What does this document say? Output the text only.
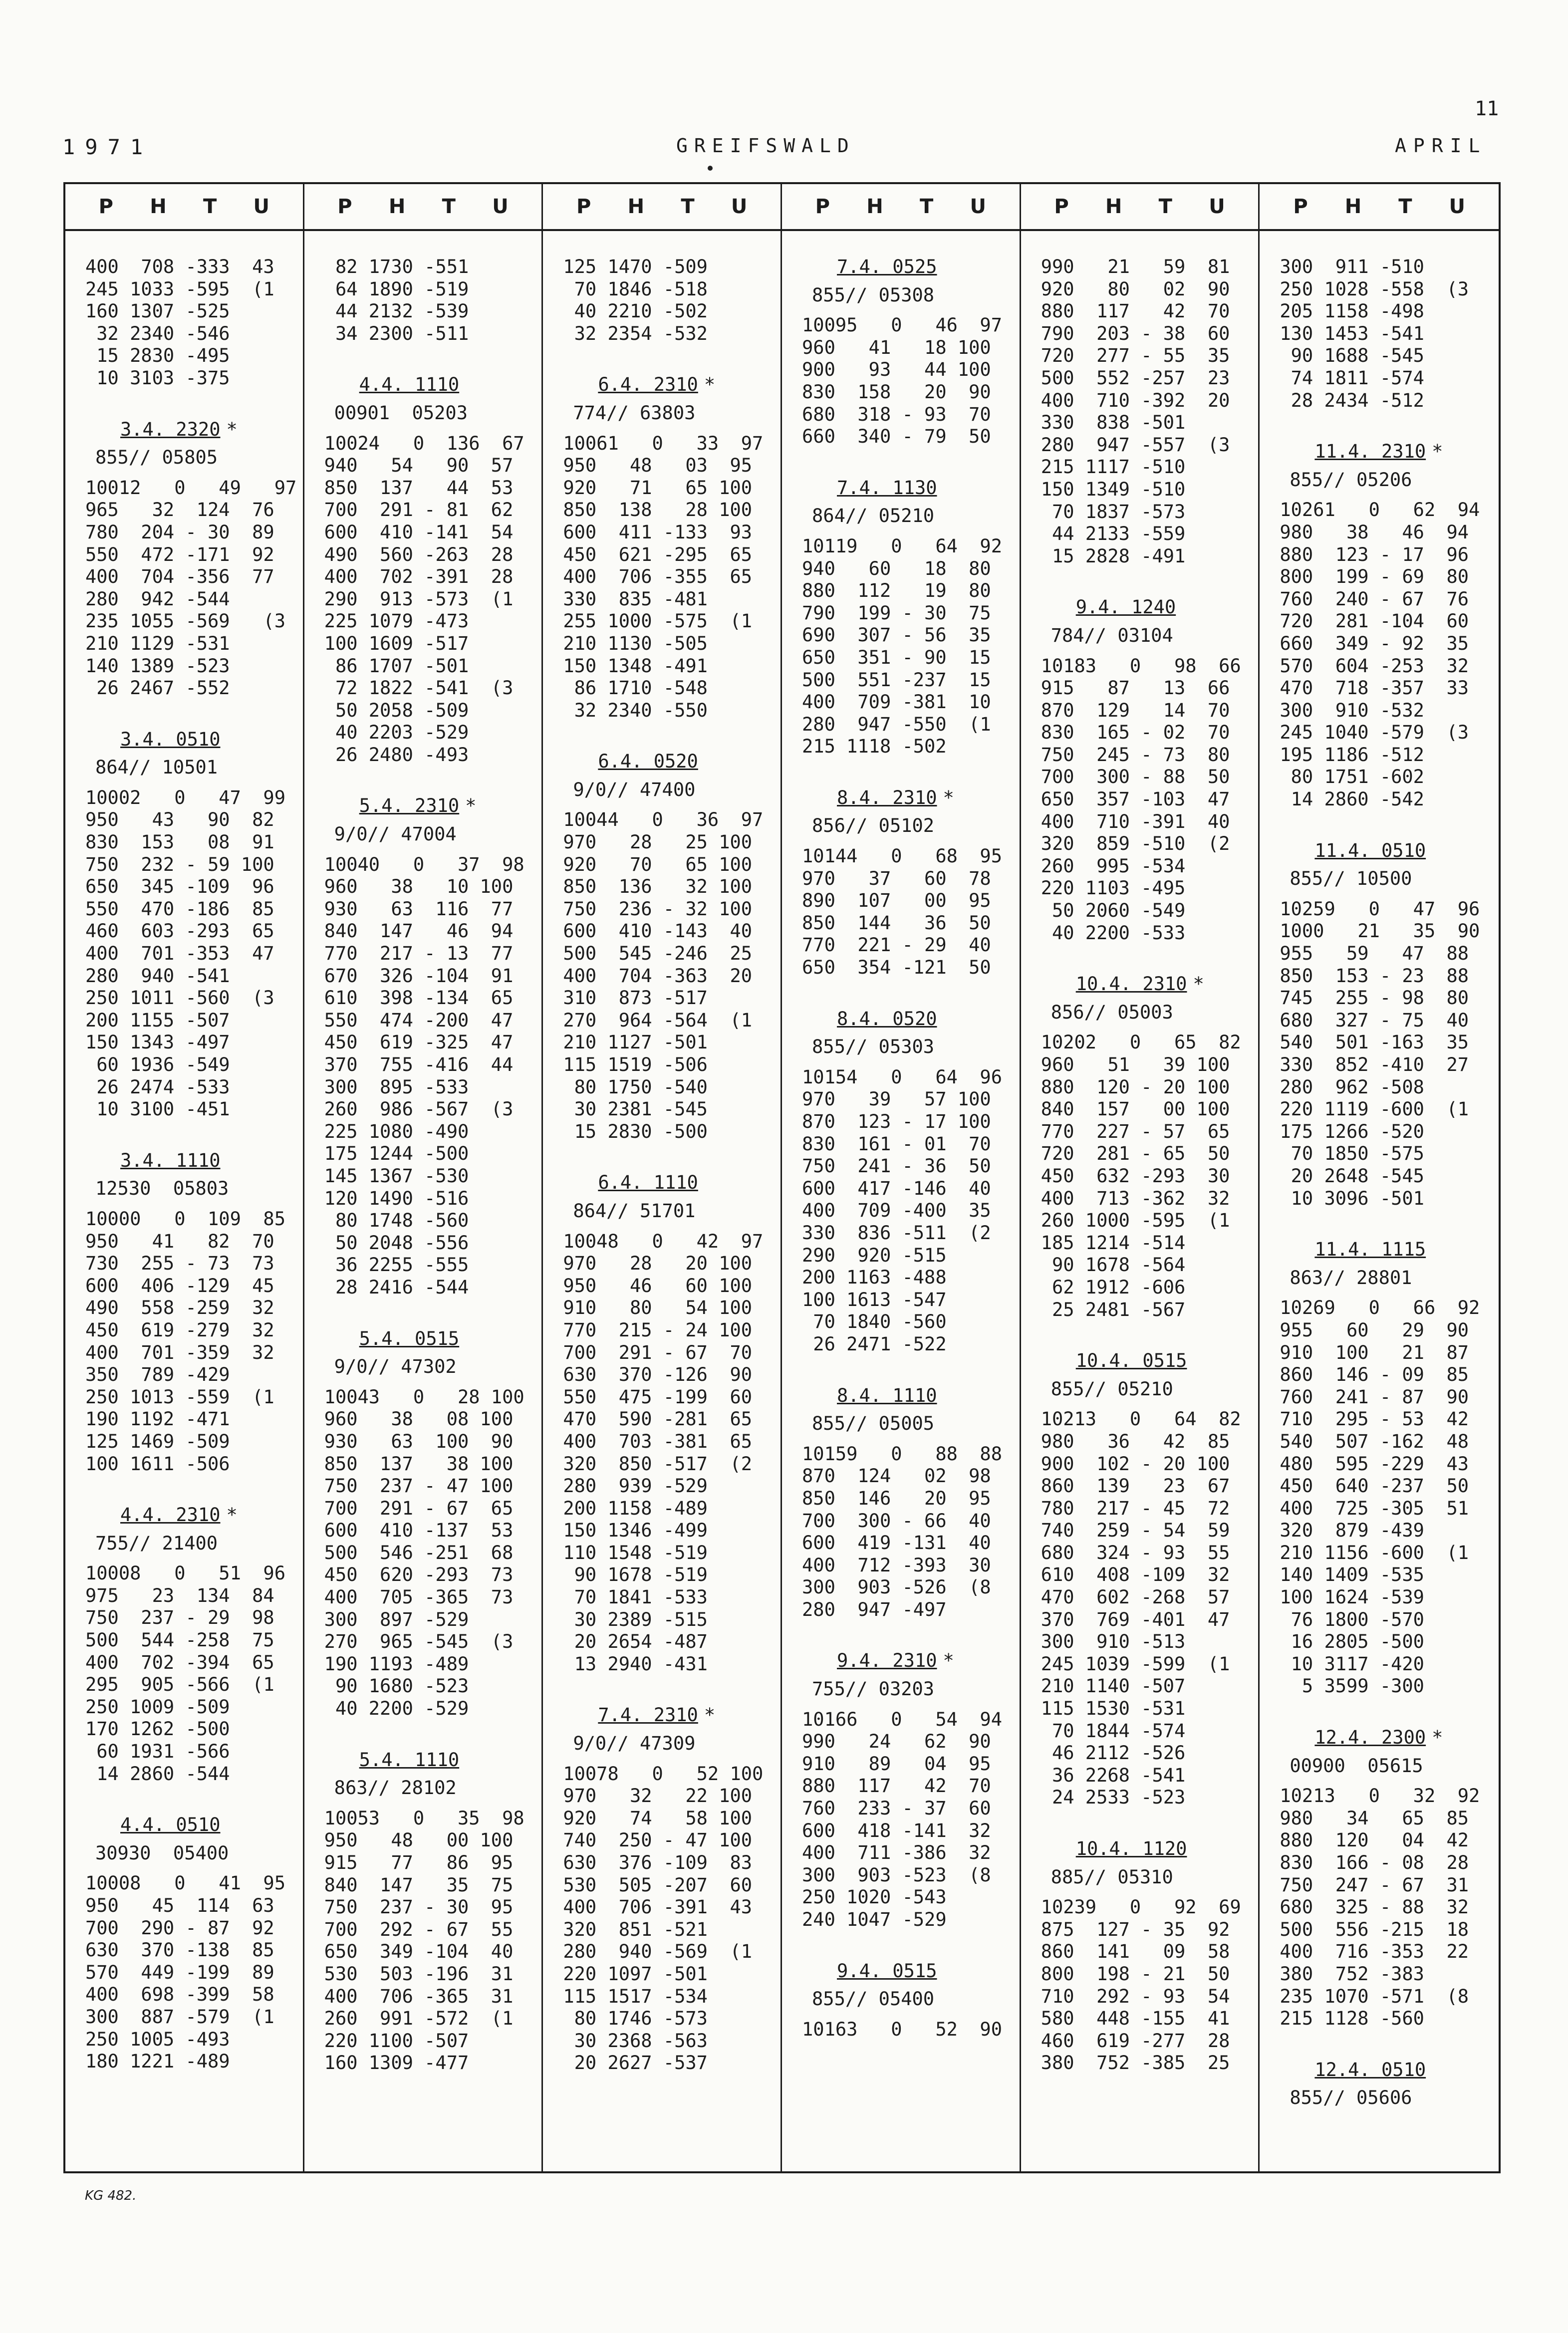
11
1971	GREIFSWALD	APRIL
P H T U
400  708 -333  43
245 1033 -595  (1
160 1307 -525
32 2340 -546
15 2830 -495
10 3103 -375
3.4. 2320 *
855// 05805
10012   0   49   97
965   32  124  76
780  204 - 30  89
550  472 -171  92
400  704 -356  77
280  942 -544
235 1055 -569   (3
210 1129 -531
140 1389 -523
26 2467 -552
3.4. 0510
864// 10501
10002   0   47  99
950   43   90  82
830  153   08  91
750  232 - 59 100
650  345 -109  96
550  470 -186  85
460  603 -293  65
400  701 -353  47
280  940 -541
250 1011 -560  (3
200 1155 -507
150 1343 -497
60 1936 -549
26 2474 -533
10 3100 -451
3.4. 1110
12530  05803
10000   0  109  85
950   41   82  70
730  255 - 73  73
600  406 -129  45
490  558 -259  32
450  619 -279  32
400  701 -359  32
350  789 -429
250 1013 -559  (1
190 1192 -471
125 1469 -509
100 1611 -506
4.4. 2310 *
755// 21400
10008   0   51  96
975   23  134  84
750  237 - 29  98
500  544 -258  75
400  702 -394  65
295  905 -566  (1
250 1009 -509
170 1262 -500
60 1931 -566
14 2860 -544
4.4. 0510
30930  05400
10008   0   41  95
950   45  114  63
700  290 - 87  92
630  370 -138  85
570  449 -199  89
400  698 -399  58
300  887 -579  (1
250 1005 -493
180 1221 -489
P H T U
82 1730 -551
64 1890 -519
44 2132 -539
34 2300 -511
4.4. 1110
00901  05203
10024   0  136  67
940   54   90  57
850  137   44  53
700  291 - 81  62
600  410 -141  54
490  560 -263  28
400  702 -391  28
290  913 -573  (1
225 1079 -473
100 1609 -517
86 1707 -501
72 1822 -541  (3
50 2058 -509
40 2203 -529
26 2480 -493
5.4. 2310 *
9/0// 47004
10040   0   37  98
960   38   10 100
930   63  116  77
840  147   46  94
770  217 - 13  77
670  326 -104  91
610  398 -134  65
550  474 -200  47
450  619 -325  47
370  755 -416  44
300  895 -533
260  986 -567  (3
225 1080 -490
175 1244 -500
145 1367 -530
120 1490 -516
80 1748 -560
50 2048 -556
36 2255 -555
28 2416 -544
5.4. 0515
9/0// 47302
10043   0   28 100
960   38   08 100
930   63  100  90
850  137   38 100
750  237 - 47 100
700  291 - 67  65
600  410 -137  53
500  546 -251  68
450  620 -293  73
400  705 -365  73
300  897 -529
270  965 -545  (3
190 1193 -489
90 1680 -523
40 2200 -529
5.4. 1110
863// 28102
10053   0   35  98
950   48   00 100
915   77   86  95
840  147   35  75
750  237 - 30  95
700  292 - 67  55
650  349 -104  40
530  503 -196  31
400  706 -365  31
260  991 -572  (1
220 1100 -507
160 1309 -477
P H T U
125 1470 -509
70 1846 -518
40 2210 -502
32 2354 -532
6.4. 2310 *
774// 63803
10061   0   33  97
950   48   03  95
920   71   65 100
850  138   28 100
600  411 -133  93
450  621 -295  65
400  706 -355  65
330  835 -481
255 1000 -575  (1
210 1130 -505
150 1348 -491
86 1710 -548
32 2340 -550
6.4. 0520
9/0// 47400
10044   0   36  97
970   28   25 100
920   70   65 100
850  136   32 100
750  236 - 32 100
600  410 -143  40
500  545 -246  25
400  704 -363  20
310  873 -517
270  964 -564  (1
210 1127 -501
115 1519 -506
80 1750 -540
30 2381 -545
15 2830 -500
6.4. 1110
864// 51701
10048   0   42  97
970   28   20 100
950   46   60 100
910   80   54 100
770  215 - 24 100
700  291 - 67  70
630  370 -126  90
550  475 -199  60
470  590 -281  65
400  703 -381  65
320  850 -517  (2
280  939 -529
200 1158 -489
150 1346 -499
110 1548 -519
90 1678 -519
70 1841 -533
30 2389 -515
20 2654 -487
13 2940 -431
7.4. 2310 *
9/0// 47309
10078   0   52 100
970   32   22 100
920   74   58 100
740  250 - 47 100
630  376 -109  83
530  505 -207  60
400  706 -391  43
320  851 -521
280  940 -569  (1
220 1097 -501
115 1517 -534
80 1746 -573
30 2368 -563
20 2627 -537
P H T U
7.4. 0525
855// 05308
10095   0   46  97
960   41   18 100
900   93   44 100
830  158   20  90
680  318 - 93  70
660  340 - 79  50
7.4. 1130
864// 05210
10119   0   64  92
940   60   18  80
880  112   19  80
790  199 - 30  75
690  307 - 56  35
650  351 - 90  15
500  551 -237  15
400  709 -381  10
280  947 -550  (1
215 1118 -502
8.4. 2310 *
856// 05102
10144   0   68  95
970   37   60  78
890  107   00  95
850  144   36  50
770  221 - 29  40
650  354 -121  50
8.4. 0520
855// 05303
10154   0   64  96
970   39   57 100
870  123 - 17 100
830  161 - 01  70
750  241 - 36  50
600  417 -146  40
400  709 -400  35
330  836 -511  (2
290  920 -515
200 1163 -488
100 1613 -547
70 1840 -560
26 2471 -522
8.4. 1110
855// 05005
10159   0   88  88
870  124   02  98
850  146   20  95
700  300 - 66  40
600  419 -131  40
400  712 -393  30
300  903 -526  (8
280  947 -497
9.4. 2310 *
755// 03203
10166   0   54  94
990   24   62  90
910   89   04  95
880  117   42  70
760  233 - 37  60
600  418 -141  32
400  711 -386  32
300  903 -523  (8
250 1020 -543
240 1047 -529
9.4. 0515
855// 05400
10163   0   52  90
P H T U
990   21   59  81
920   80   02  90
880  117   42  70
790  203 - 38  60
720  277 - 55  35
500  552 -257  23
400  710 -392  20
330  838 -501
280  947 -557  (3
215 1117 -510
150 1349 -510
70 1837 -573
44 2133 -559
15 2828 -491
9.4. 1240
784// 03104
10183   0   98  66
915   87   13  66
870  129   14  70
830  165 - 02  70
750  245 - 73  80
700  300 - 88  50
650  357 -103  47
400  710 -391  40
320  859 -510  (2
260  995 -534
220 1103 -495
50 2060 -549
40 2200 -533
10.4. 2310 *
856// 05003
10202   0   65  82
960   51   39 100
880  120 - 20 100
840  157   00 100
770  227 - 57  65
720  281 - 65  50
450  632 -293  30
400  713 -362  32
260 1000 -595  (1
185 1214 -514
90 1678 -564
62 1912 -606
25 2481 -567
10.4. 0515
855// 05210
10213   0   64  82
980   36   42  85
900  102 - 20 100
860  139   23  67
780  217 - 45  72
740  259 - 54  59
680  324 - 93  55
610  408 -109  32
470  602 -268  57
370  769 -401  47
300  910 -513
245 1039 -599  (1
210 1140 -507
115 1530 -531
70 1844 -574
46 2112 -526
36 2268 -541
24 2533 -523
10.4. 1120
885// 05310
10239   0   92  69
875  127 - 35  92
860  141   09  58
800  198 - 21  50
710  292 - 93  54
580  448 -155  41
460  619 -277  28
380  752 -385  25
P H T U
300  911 -510
250 1028 -558  (3
205 1158 -498
130 1453 -541
90 1688 -545
74 1811 -574
28 2434 -512
11.4. 2310 *
855// 05206
10261   0   62  94
980   38   46  94
880  123 - 17  96
800  199 - 69  80
760  240 - 67  76
720  281 -104  60
660  349 - 92  35
570  604 -253  32
470  718 -357  33
300  910 -532
245 1040 -579  (3
195 1186 -512
80 1751 -602
14 2860 -542
11.4. 0510
855// 10500
10259   0   47  96
1000   21   35  90
955   59   47  88
850  153 - 23  88
745  255 - 98  80
680  327 - 75  40
540  501 -163  35
330  852 -410  27
280  962 -508
220 1119 -600  (1
175 1266 -520
70 1850 -575
20 2648 -545
10 3096 -501
11.4. 1115
863// 28801
10269   0   66  92
955   60   29  90
910  100   21  87
860  146 - 09  85
760  241 - 87  90
710  295 - 53  42
540  507 -162  48
480  595 -229  43
450  640 -237  50
400  725 -305  51
320  879 -439
210 1156 -600  (1
140 1409 -535
100 1624 -539
76 1800 -570
16 2805 -500
10 3117 -420
5 3599 -300
12.4. 2300 *
00900  05615
10213   0   32  92
980   34   65  85
880  120   04  42
830  166 - 08  28
750  247 - 67  31
680  325 - 88  32
500  556 -215  18
400  716 -353  22
380  752 -383
235 1070 -571  (8
215 1128 -560
12.4. 0510
855// 05606
KG 482.
